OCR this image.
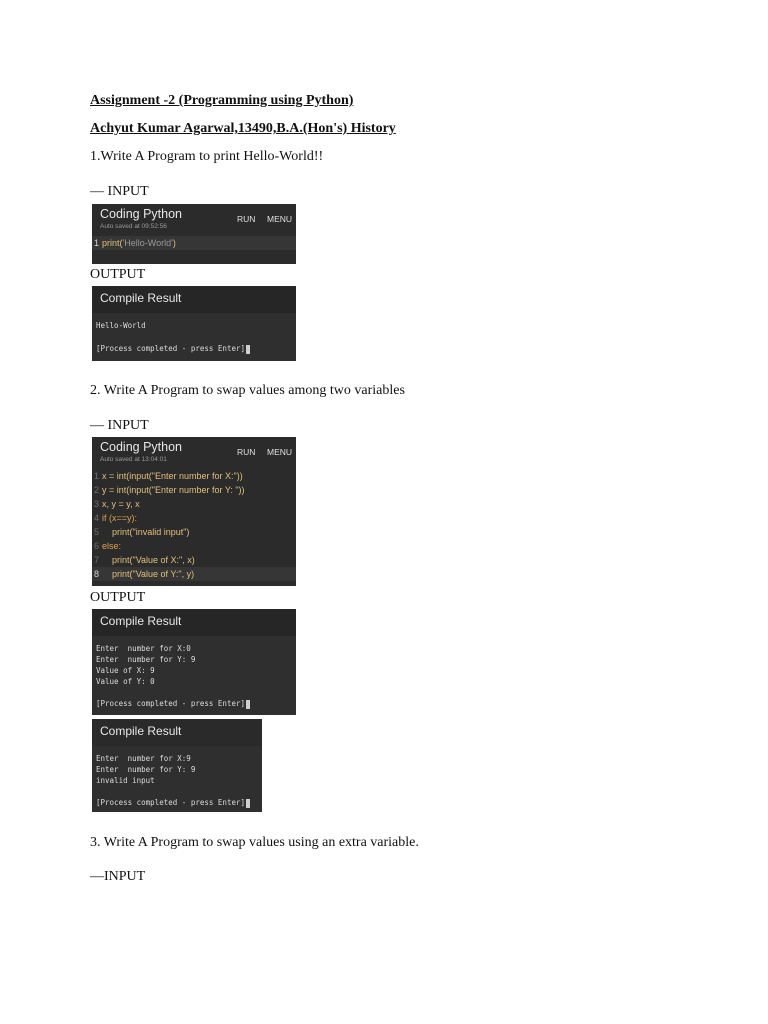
Assignment -2 (Programming using Python)
Achyut Kumar Agarwal,13490,B.A.(Hon's) History
1.Write A Program to print Hello-World!!
— INPUT
Coding Python
Auto saved at 09:52:56
RUN MENU
1 print('Hello-World')
OUTPUT
Compile Result
Hello-World
[Process completed - press Enter]
2. Write A Program to swap values among two variables
— INPUT
Coding Python
Auto saved at 13:04:01
RUN MENU
1 x = int(input("Enter number for X:"))
2 y = int(input("Enter number for Y: "))
3 x, y = y, x
4 if (x==y):
5 print("invalid input")
6 else:
7 print("Value of X:", x)
8 print("Value of Y:", y)
OUTPUT
Compile Result
Enter  number for X:0
Enter  number for Y: 9
Value of X: 9
Value of Y: 0
[Process completed - press Enter]
Compile Result
Enter  number for X:9
Enter  number for Y: 9
invalid input
[Process completed - press Enter]
3. Write A Program to swap values using an extra variable.
—INPUT
